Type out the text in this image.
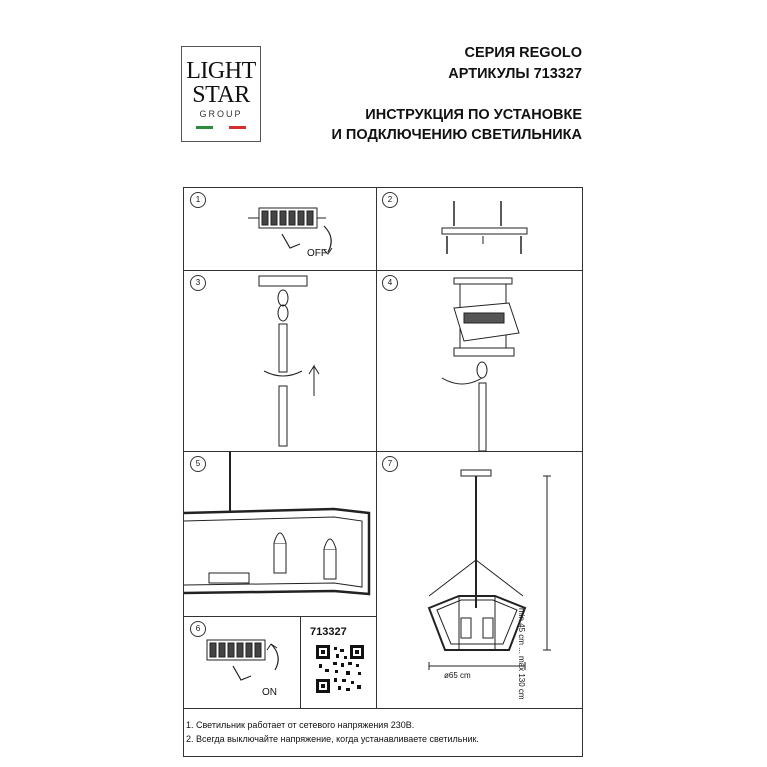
LIGHT
STAR
GROUP
СЕРИЯ REGOLO
АРТИКУЛЫ 713327
ИНСТРУКЦИЯ ПО УСТАНОВКЕ
И ПОДКЛЮЧЕНИЮ СВЕТИЛЬНИКА
1	2
3	4
5	7
6
OFF
min 45 cm ... max 130 cm
ø65 cm
ON
713327
1. Светильник работает от сетевого напряжения 230В.
2. Всегда выключайте напряжение, когда устанавливаете светильник.
